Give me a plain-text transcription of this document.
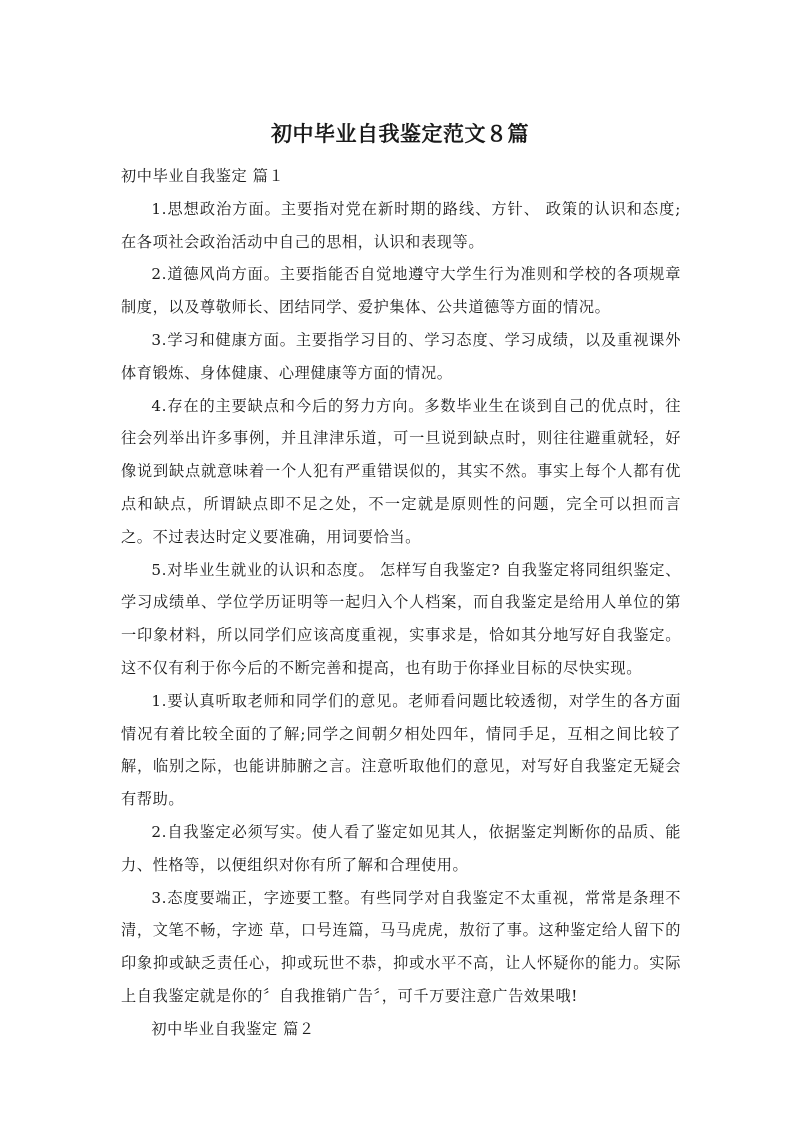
初中毕业自我鉴定范文８篇

初中毕业自我鉴定 篇１

1.思想政治方面。主要指对党在新时期的路线、方针、 政策的认识和态度;在各项社会政治活动中自己的思相，认识和表现等。

2.道德风尚方面。主要指能否自觉地遵守大学生行为准则和学校的各项规章制度，以及尊敬师长、团结同学、爱护集体、公共道德等方面的情况。

3.学习和健康方面。主要指学习目的、学习态度、学习成绩，以及重视课外体育锻炼、身体健康、心理健康等方面的情况。

4.存在的主要缺点和今后的努力方向。多数毕业生在谈到自己的优点时，往往会列举出许多事例，并且津津乐道，可一旦说到缺点时，则往往避重就轻，好像说到缺点就意味着一个人犯有严重错误似的，其实不然。事实上每个人都有优点和缺点，所谓缺点即不足之处，不一定就是原则性的问题，完全可以担而言之。不过表达时定义要准确，用词要恰当。

5.对毕业生就业的认识和态度。 怎样写自我鉴定? 自我鉴定将同组织鉴定、学习成绩单、学位学历证明等一起归入个人档案，而自我鉴定是给用人单位的第一印象材料，所以同学们应该高度重视，实事求是，恰如其分地写好自我鉴定。这不仅有利于你今后的不断完善和提高，也有助于你择业目标的尽快实现。

1.要认真听取老师和同学们的意见。老师看问题比较透彻，对学生的各方面情况有着比较全面的了解;同学之间朝夕相处四年，情同手足，互相之间比较了解，临别之际，也能讲肺腑之言。注意听取他们的意见，对写好自我鉴定无疑会有帮助。

2.自我鉴定必须写实。使人看了鉴定如见其人，依据鉴定判断你的品质、能力、性格等，以便组织对你有所了解和合理使用。

3.态度要端正，字迹要工整。有些同学对自我鉴定不太重视，常常是条理不清，文笔不畅，字迹 草，口号连篇，马马虎虎，敖衍了事。这种鉴定给人留下的印象抑或缺乏责任心，抑或玩世不恭，抑或水平不高，让人怀疑你的能力。实际上自我鉴定就是你的〞自我推销广告〞，可千万要注意广告效果哦!

初中毕业自我鉴定 篇２
